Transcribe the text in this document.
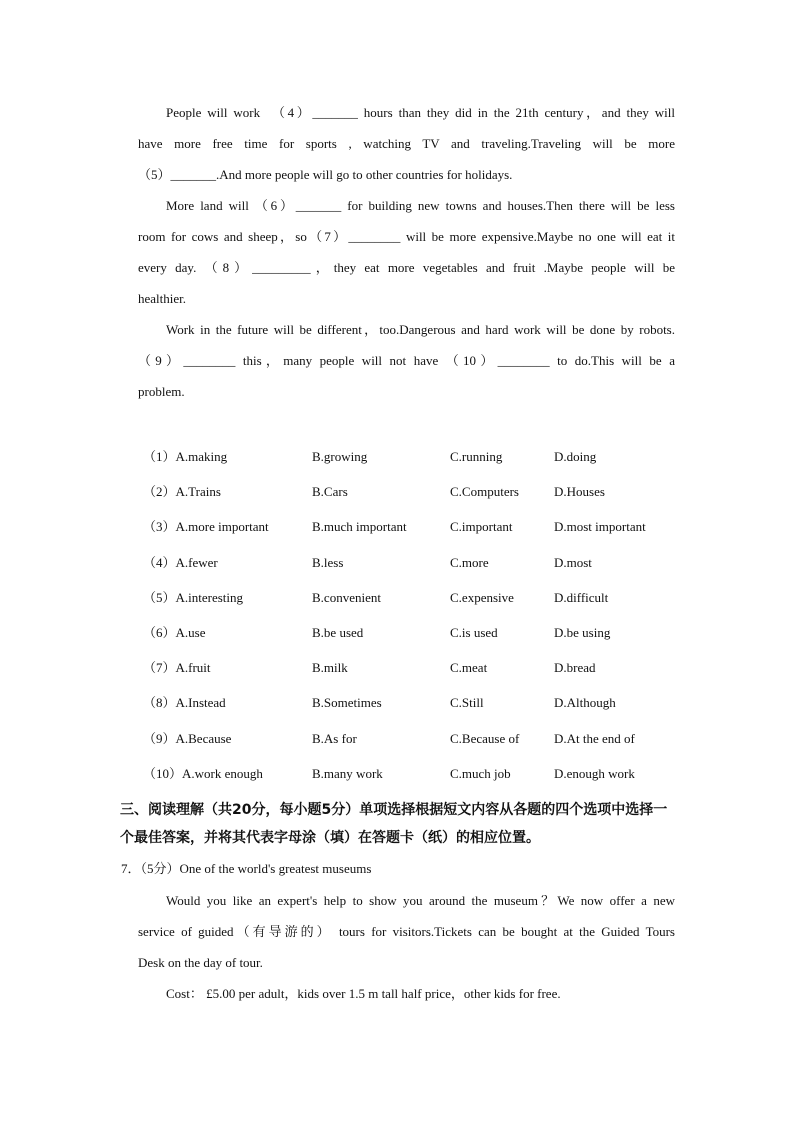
People will work　（4）_______ hours than they did in the 21th century，and they will
have more free time for sports , watching TV and traveling.Traveling will be more
（5）_______.And more people will go to other countries for holidays.
More land will （6）_______ for building new towns and houses.Then there will be less
room for cows and sheep，so（7）________ will be more expensive.Maybe no one will eat it
every day. （8）_________，they eat more vegetables and fruit .Maybe people will be
healthier.
Work in the future will be different，too.Dangerous and hard work will be done by robots.
（9）________ this，many people will not have （10）________ to do.This will be a
problem.
（1）A.making	B.growing	C.running	D.doing
（2）A.Trains	B.Cars	C.Computers	D.Houses
（3）A.more important	B.much important	C.important	D.most important
（4）A.fewer	B.less	C.more	D.most
（5）A.interesting	B.convenient	C.expensive	D.difficult
（6）A.use	B.be used	C.is used	D.be using
（7）A.fruit	B.milk	C.meat	D.bread
（8）A.Instead	B.Sometimes	C.Still	D.Although
（9）A.Because	B.As for	C.Because of	D.At the end of
（10）A.work enough	B.many work	C.much job	D.enough work
三、阅读理解（共20分，每小题5分）单项选择根据短文内容从各题的四个选项中选择一
个最佳答案，并将其代表字母涂（填）在答题卡（纸）的相应位置。
7．（5分）One of the world's greatest museums
Would you like an expert's help to show you around the museum？We now offer a new
service of guided（有导游的） tours for visitors.Tickets can be bought at the Guided Tours
Desk on the day of tour.
Cost： £5.00 per adult，kids over 1.5 m tall half price，other kids for free.
